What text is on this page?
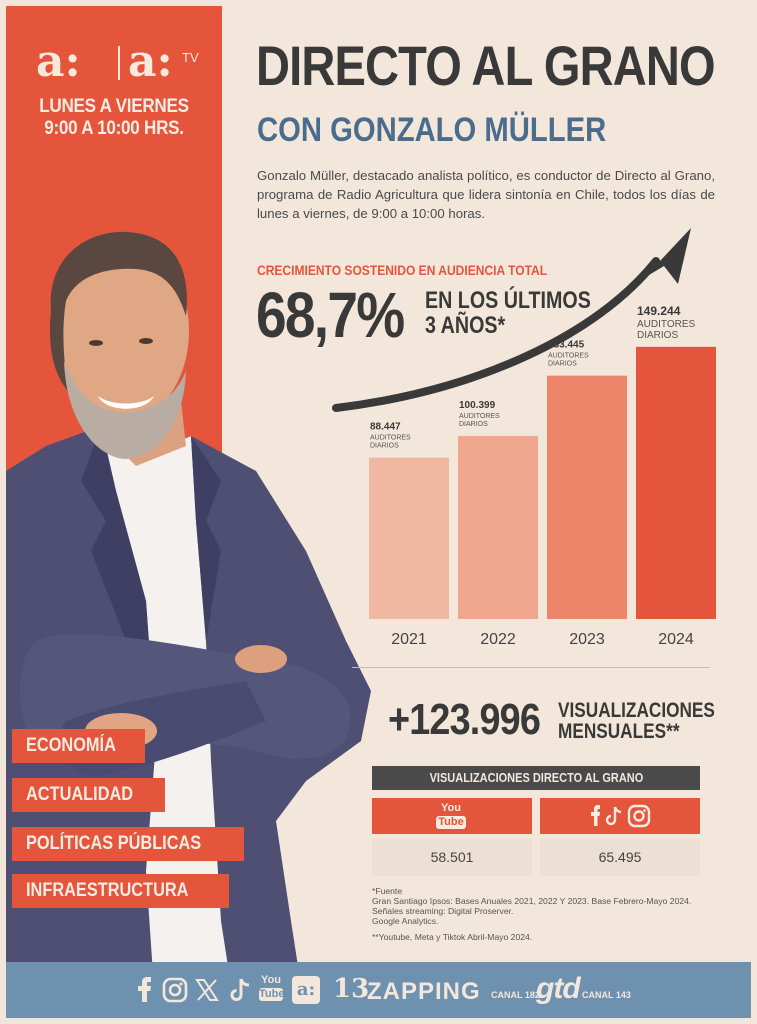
a: a: TV
LUNES A VIERNES
9:00 A 10:00 HRS.
ECONOMÍA
ACTUALIDAD
POLÍTICAS PÚBLICAS
INFRAESTRUCTURA
DIRECTO AL GRANO
CON GONZALO MÜLLER
Gonzalo Müller, destacado analista político, es conductor de Directo al Grano, programa de Radio Agricultura que lidera sintonía en Chile, todos los días de lunes a viernes, de 9:00 a 10:00 horas.
CRECIMIENTO SOSTENIDO EN AUDIENCIA TOTAL
68,7% EN LOS ÚLTIMOS
3 AÑOS*
88.447
AUDITORES
DIARIOS
2021
100.399
AUDITORES
DIARIOS
2022
133.445
AUDITORES
DIARIOS
2023
149.244
AUDITORES
DIARIOS
2024
+123.996 VISUALIZACIONES
MENSUALES**
VISUALIZACIONES DIRECTO AL GRANO
You
Tube
58.501	65.495

*Fuente

Gran Santiago Ipsos: Bases Anuales 2021, 2022 Y 2023. Base Febrero-Mayo 2024.

Señales streaming: Digital Proserver.

Google Analytics.

**Youtube, Meta y Tiktok Abril-Mayo 2024.

You
Tube a: 13
ZAPPING CANAL 182
gtd CANAL 143
